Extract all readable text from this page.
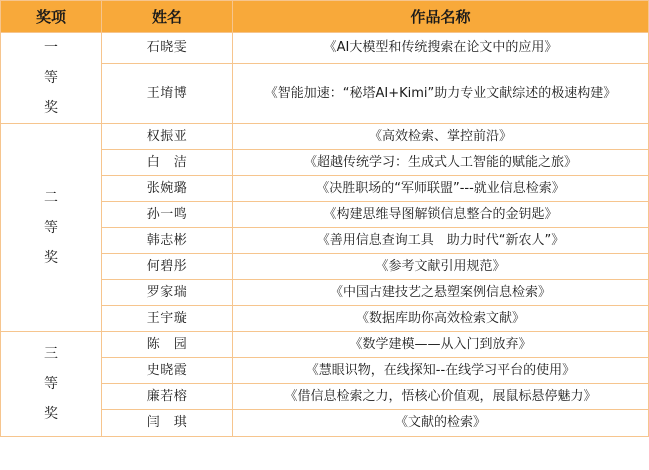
奖项	姓名	作品名称

一
等
奖	石晓雯	《AI大模型和传统搜索在论文中的应用》
	王堉博	《智能加速：“秘塔AI+Kimi”助力专业文献综述的极速构建》

二
等
奖	权振亚	《高效检索、掌控前沿》
	白　洁	《超越传统学习：生成式人工智能的赋能之旅》
	张婉璐	《决胜职场的“军师联盟”---就业信息检索》
	孙一鸣	《构建思维导图解锁信息整合的金钥匙》
	韩志彬	《善用信息查询工具　助力时代“新农人”》
	何碧彤	《参考文献引用规范》
	罗家瑞	《中国古建技艺之悬塑案例信息检索》
	王宇璇	《数据库助你高效检索文献》

三
等
奖	陈　园	《数学建模——从入门到放弃》
	史晓霞	《慧眼识物，在线探知--在线学习平台的使用》
	廉若榕	《借信息检索之力，悟核心价值观，展鼠标悬停魅力》
	闫　琪	《文献的检索》
